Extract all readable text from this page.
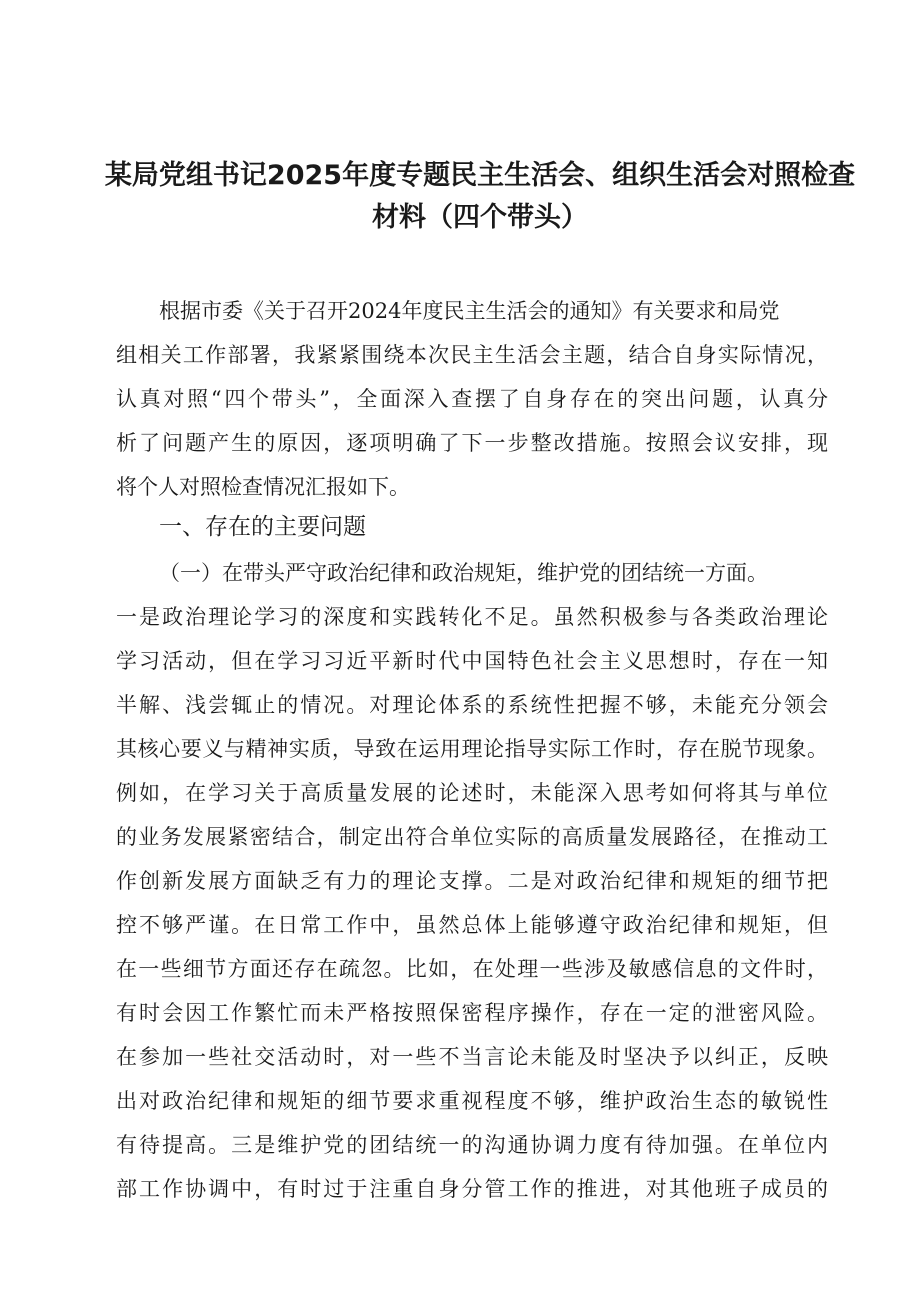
某局党组书记2025年度专题民主生活会、组织生活会对照检查
材料（四个带头）
根据市委《关于召开2024年度民主生活会的通知》有关要求和局党
组相关工作部署，我紧紧围绕本次民主生活会主题，结合自身实际情况，
认真对照“四个带头”，全面深入查摆了自身存在的突出问题，认真分
析了问题产生的原因，逐项明确了下一步整改措施。按照会议安排，现
将个人对照检查情况汇报如下。
一、存在的主要问题
（一）在带头严守政治纪律和政治规矩，维护党的团结统一方面。
一是政治理论学习的深度和实践转化不足。虽然积极参与各类政治理论
学习活动，但在学习习近平新时代中国特色社会主义思想时，存在一知
半解、浅尝辄止的情况。对理论体系的系统性把握不够，未能充分领会
其核心要义与精神实质，导致在运用理论指导实际工作时，存在脱节现象。
例如，在学习关于高质量发展的论述时，未能深入思考如何将其与单位
的业务发展紧密结合，制定出符合单位实际的高质量发展路径，在推动工
作创新发展方面缺乏有力的理论支撑。二是对政治纪律和规矩的细节把
控不够严谨。在日常工作中，虽然总体上能够遵守政治纪律和规矩，但
在一些细节方面还存在疏忽。比如，在处理一些涉及敏感信息的文件时，
有时会因工作繁忙而未严格按照保密程序操作，存在一定的泄密风险。
在参加一些社交活动时，对一些不当言论未能及时坚决予以纠正，反映
出对政治纪律和规矩的细节要求重视程度不够，维护政治生态的敏锐性
有待提高。三是维护党的团结统一的沟通协调力度有待加强。在单位内
部工作协调中，有时过于注重自身分管工作的推进，对其他班子成员的
